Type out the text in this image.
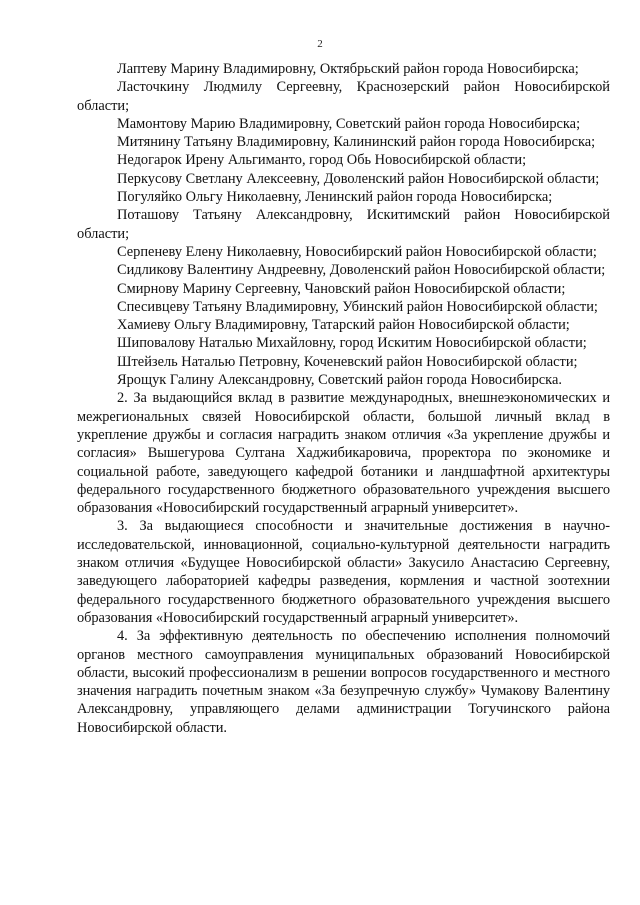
2

Лаптеву Марину Владимировну, Октябрьский район города Новосибирска;

Ласточкину Людмилу Сергеевну, Краснозерский район Новосибирской области;

Мамонтову Марию Владимировну, Советский район города Новосибирска;

Митянину Татьяну Владимировну, Калининский район города Новосибирска;

Недогарок Ирену Альгиманто, город Обь Новосибирской области;

Перкусову Светлану Алексеевну, Доволенский район Новосибирской области;

Погуляйко Ольгу Николаевну, Ленинский район города Новосибирска;

Поташову Татьяну Александровну, Искитимский район Новосибирской области;

Серпеневу Елену Николаевну, Новосибирский район Новосибирской области;

Сидликову Валентину Андреевну, Доволенский район Новосибирской области;

Смирнову Марину Сергеевну, Чановский район Новосибирской области;

Спесивцеву Татьяну Владимировну, Убинский район Новосибирской области;

Хамиеву Ольгу Владимировну, Татарский район Новосибирской области;

Шиповалову Наталью Михайловну, город Искитим Новосибирской области;

Штейзель Наталью Петровну, Коченевский район Новосибирской области;

Ярощук Галину Александровну, Советский район города Новосибирска.

2. За выдающийся вклад в развитие международных, внешнеэкономических и межрегиональных связей Новосибирской области, большой личный вклад в укрепление дружбы и согласия наградить знаком отличия «За укрепление дружбы и согласия» Вышегурова Султана Хаджибикаровича, проректора по экономике и социальной работе, заведующего кафедрой ботаники и ландшафтной архитектуры федерального государственного бюджетного образовательного учреждения высшего образования «Новосибирский государственный аграрный университет».

3. За выдающиеся способности и значительные достижения в научно-исследовательской, инновационной, социально-культурной деятельности наградить знаком отличия «Будущее Новосибирской области» Закусило Анастасию Сергеевну, заведующего лабораторией кафедры разведения, кормления и частной зоотехнии федерального государственного бюджетного образовательного учреждения высшего образования «Новосибирский государственный аграрный университет».

4. За эффективную деятельность по обеспечению исполнения полномочий органов местного самоуправления муниципальных образований Новосибирской области, высокий профессионализм в решении вопросов государственного и местного значения наградить почетным знаком «За безупречную службу» Чумакову Валентину Александровну, управляющего делами администрации Тогучинского района Новосибирской области.
